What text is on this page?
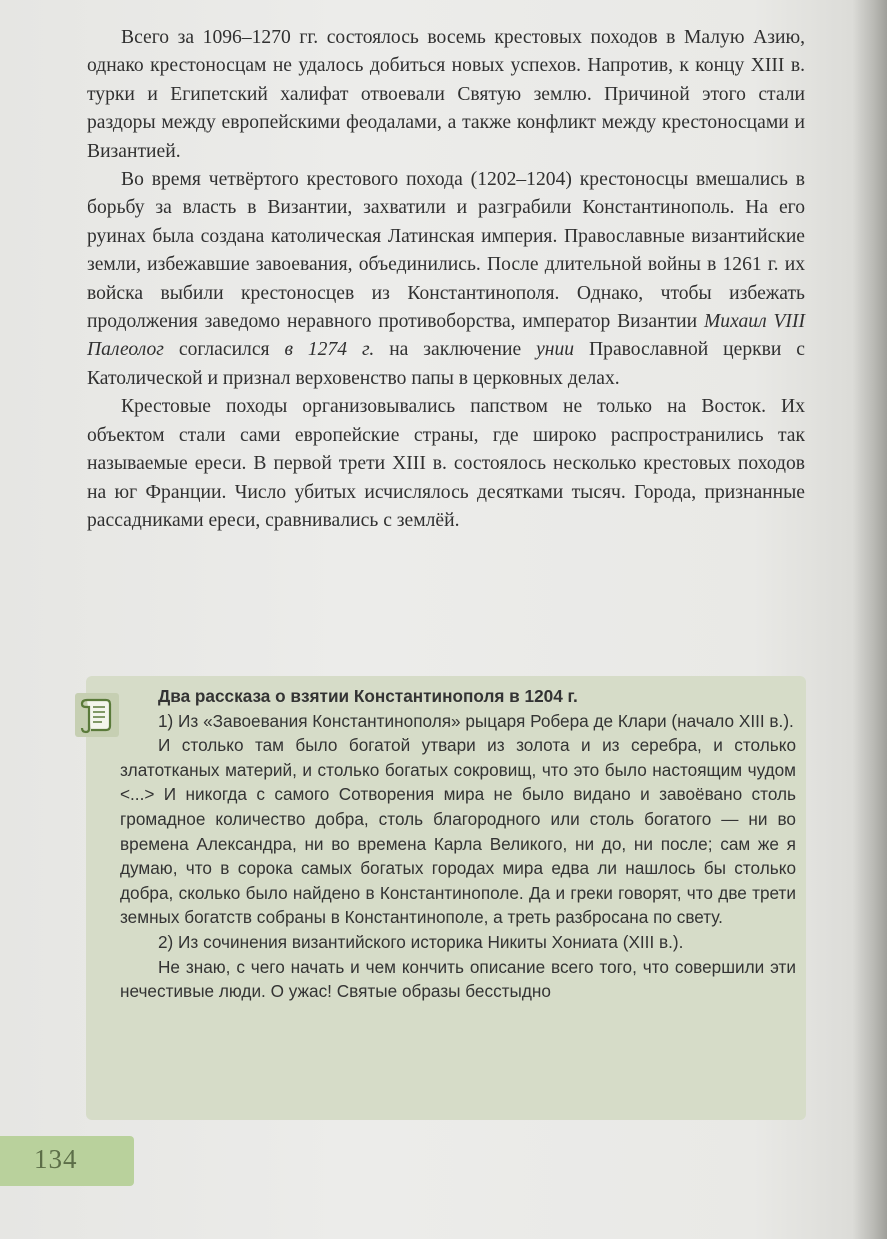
Всего за 1096–1270 гг. состоялось восемь крестовых походов в Малую Азию, однако крестоносцам не удалось добиться новых успехов. Напротив, к концу XIII в. турки и Египетский халифат отвоевали Святую землю. Причиной этого стали раздоры между европейскими феодалами, а также конфликт между крестоносцами и Византией.

Во время четвёртого крестового похода (1202–1204) крестоносцы вмешались в борьбу за власть в Византии, захватили и разграбили Константинополь. На его руинах была создана католическая Латинская империя. Православные византийские земли, избежавшие завоевания, объединились. После длительной войны в 1261 г. их войска выбили крестоносцев из Константинополя. Однако, чтобы избежать продолжения заведомо неравного противоборства, император Византии Михаил VIII Палеолог согласился в 1274 г. на заключение унии Православной церкви с Католической и признал верховенство папы в церковных делах.

Крестовые походы организовывались папством не только на Восток. Их объектом стали сами европейские страны, где широко распространились так называемые ереси. В первой трети XIII в. состоялось несколько крестовых походов на юг Франции. Число убитых исчислялось десятками тысяч. Города, признанные рассадниками ереси, сравнивались с землёй.

Два рассказа о взятии Константинополя в 1204 г.

1) Из «Завоевания Константинополя» рыцаря Робера де Клари (начало XIII в.).

И столько там было богатой утвари из золота и из серебра, и столько златотканых материй, и столько богатых сокровищ, что это было настоящим чудом <...> И никогда с самого Сотворения мира не было видано и завоёвано столь громадное количество добра, столь благородного или столь богатого — ни во времена Александра, ни во времена Карла Великого, ни до, ни после; сам же я думаю, что в сорока самых богатых городах мира едва ли нашлось бы столько добра, сколько было найдено в Константинополе. Да и греки говорят, что две трети земных богатств собраны в Константинополе, а треть разбросана по свету.

2) Из сочинения византийского историка Никиты Хониата (XIII в.).

Не знаю, с чего начать и чем кончить описание всего того, что совершили эти нечестивые люди. О ужас! Святые образы бесстыдно

134
